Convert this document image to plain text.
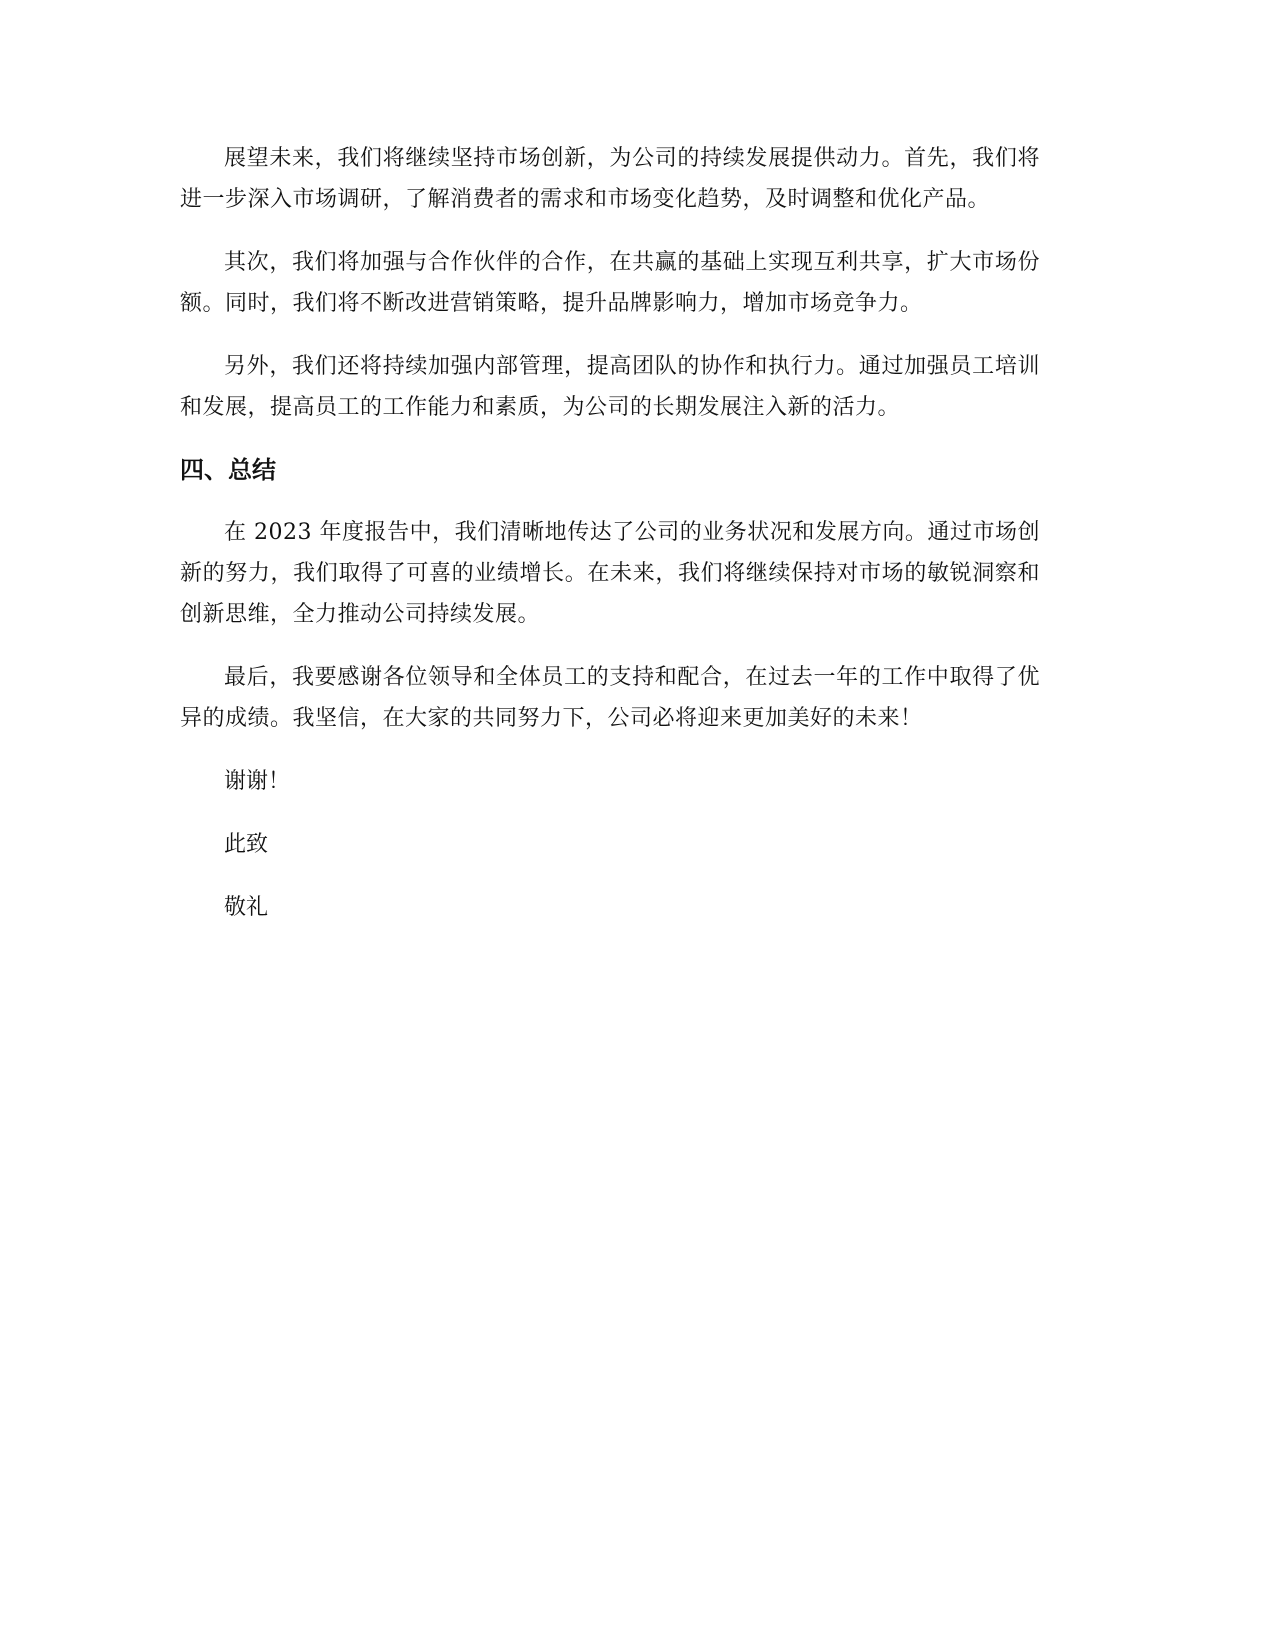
展望未来，我们将继续坚持市场创新，为公司的持续发展提供动力。首先，我们将进一步深入市场调研，了解消费者的需求和市场变化趋势，及时调整和优化产品。

其次，我们将加强与合作伙伴的合作，在共赢的基础上实现互利共享，扩大市场份额。同时，我们将不断改进营销策略，提升品牌影响力，增加市场竞争力。

另外，我们还将持续加强内部管理，提高团队的协作和执行力。通过加强员工培训和发展，提高员工的工作能力和素质，为公司的长期发展注入新的活力。

四、总结

在 2023 年度报告中，我们清晰地传达了公司的业务状况和发展方向。通过市场创新的努力，我们取得了可喜的业绩增长。在未来，我们将继续保持对市场的敏锐洞察和创新思维，全力推动公司持续发展。

最后，我要感谢各位领导和全体员工的支持和配合，在过去一年的工作中取得了优异的成绩。我坚信，在大家的共同努力下，公司必将迎来更加美好的未来！

谢谢！

此致

敬礼
